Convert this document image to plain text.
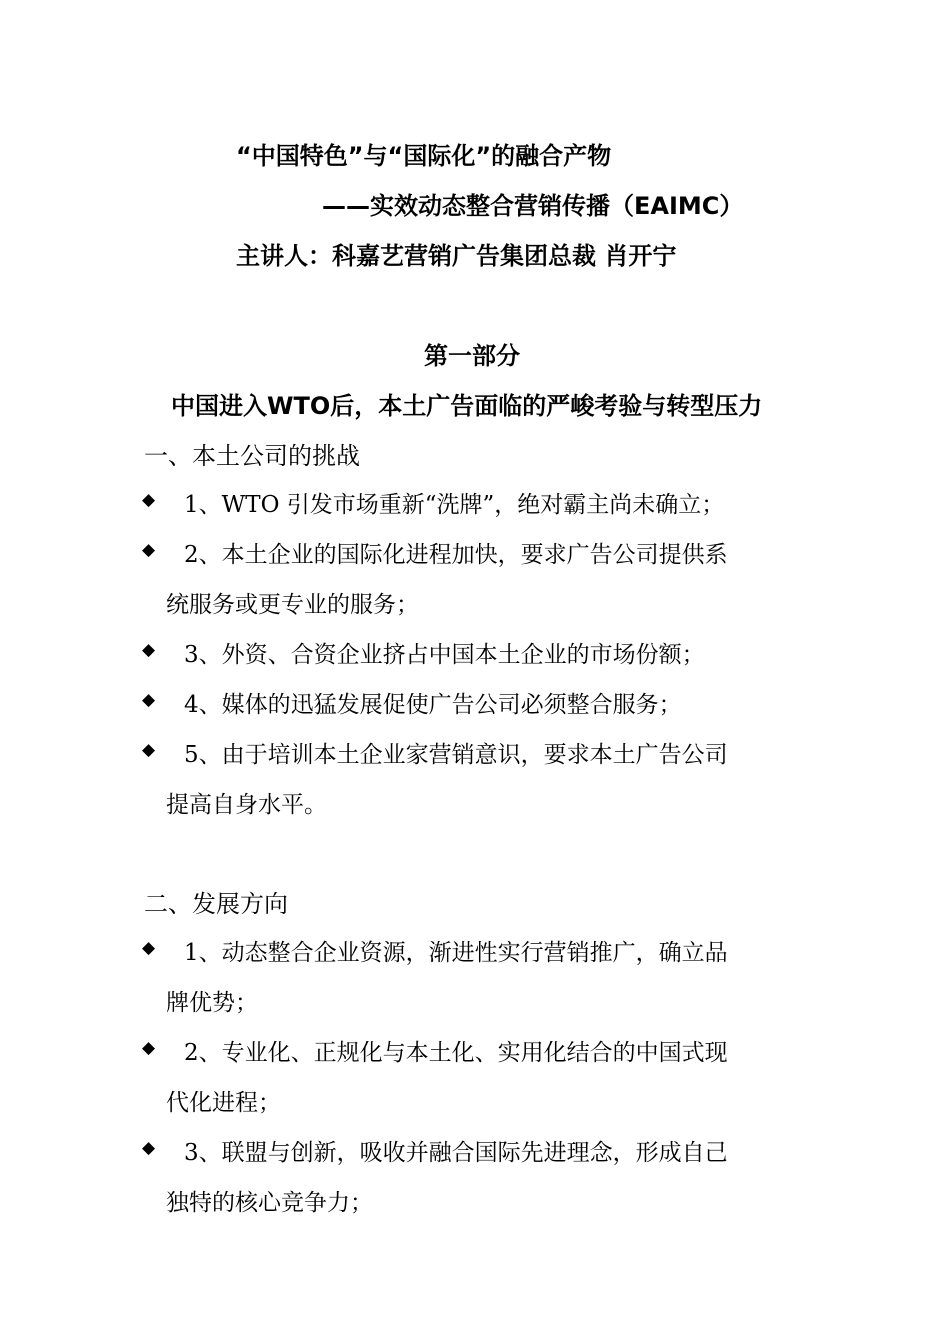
“中国特色”与“国际化”的融合产物
——实效动态整合营销传播（EAIMC）
主讲人：科嘉艺营销广告集团总裁 肖开宁
第一部分
中国进入WTO后，本土广告面临的严峻考验与转型压力
一、本土公司的挑战
◆ 1、WTO 引发市场重新“洗牌”，绝对霸主尚未确立；
◆ 2、本土企业的国际化进程加快，要求广告公司提供系
统服务或更专业的服务；
◆ 3、外资、合资企业挤占中国本土企业的市场份额；
◆ 4、媒体的迅猛发展促使广告公司必须整合服务；
◆ 5、由于培训本土企业家营销意识，要求本土广告公司
提高自身水平。
二、发展方向
◆ 1、动态整合企业资源，渐进性实行营销推广，确立品
牌优势；
◆ 2、专业化、正规化与本土化、实用化结合的中国式现
代化进程；
◆ 3、联盟与创新，吸收并融合国际先进理念，形成自己
独特的核心竞争力；
